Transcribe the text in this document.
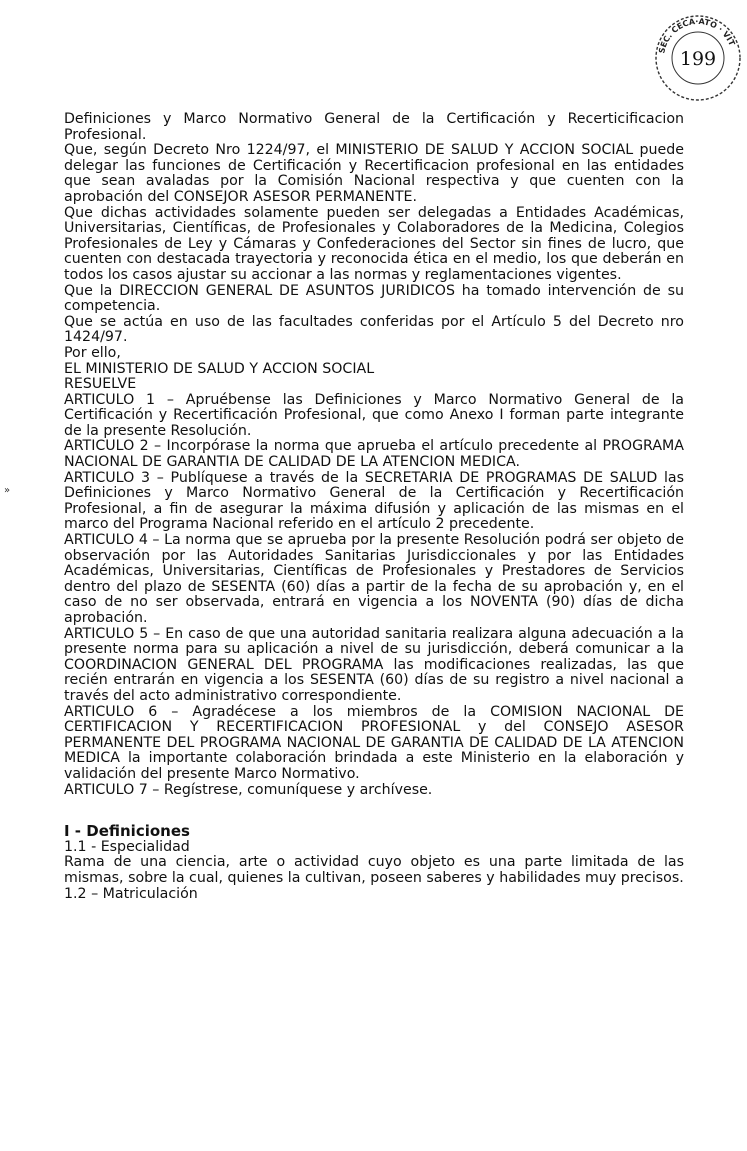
SEC. CECA·ATO · VIT
199
»

Definiciones y Marco Normativo General de la Certificación y Recerticificacion Profesional.

Que, según Decreto Nro 1224/97, el MINISTERIO DE SALUD Y ACCION SOCIAL puede delegar las funciones de Certificación y Recertificacion profesional en las entidades que sean avaladas por la Comisión Nacional respectiva y que cuenten con la aprobación del CONSEJOR ASESOR PERMANENTE.

Que dichas actividades solamente pueden ser delegadas a Entidades Académicas, Universitarias, Científicas, de Profesionales y Colaboradores de la Medicina, Colegios Profesionales de Ley y Cámaras y Confederaciones del Sector sin fines de lucro, que cuenten con destacada trayectoria y reconocida ética en el medio, los que deberán en todos los casos ajustar su accionar a las normas y reglamentaciones vigentes.

Que la DIRECCION GENERAL DE ASUNTOS JURIDICOS ha tomado intervención de su competencia.

Que se actúa en uso de las facultades conferidas por el Artículo 5 del Decreto nro 1424/97.

Por ello,

EL MINISTERIO DE SALUD Y ACCION SOCIAL

RESUELVE

ARTICULO 1 – Apruébense las Definiciones y Marco Normativo General de la Certificación y Recertificación Profesional, que como Anexo I forman parte integrante de la presente Resolución.

ARTICULO 2 – Incorpórase la norma que aprueba el artículo precedente al PROGRAMA NACIONAL DE GARANTIA DE CALIDAD DE LA ATENCION MEDICA.

ARTICULO 3 – Publíquese a través de la SECRETARIA DE PROGRAMAS DE SALUD las Definiciones y Marco Normativo General de la Certificación y Recertificación Profesional, a fin de asegurar la máxima difusión y aplicación de las mismas en el marco del Programa Nacional referido en el artículo 2 precedente.

ARTICULO 4 – La norma que se aprueba por la presente Resolución podrá ser objeto de observación por las Autoridades Sanitarias Jurisdiccionales y por las Entidades Académicas, Universitarias, Científicas de Profesionales y Prestadores de Servicios dentro del plazo de SESENTA (60) días a partir de la fecha de su aprobación y, en el caso de no ser observada, entrará en vigencia a los NOVENTA (90) días de dicha aprobación.

ARTICULO 5 – En caso de que una autoridad sanitaria realizara alguna adecuación a la presente norma para su aplicación a nivel de su jurisdicción, deberá comunicar a la COORDINACION GENERAL DEL PROGRAMA las modificaciones realizadas, las que recién entrarán en vigencia a los SESENTA (60) días de su registro a nivel nacional a través del acto administrativo correspondiente.

ARTICULO 6 – Agradécese a los miembros de la COMISION NACIONAL DE CERTIFICACION Y RECERTIFICACION PROFESIONAL y del CONSEJO ASESOR PERMANENTE DEL PROGRAMA NACIONAL DE GARANTIA DE CALIDAD DE LA ATENCION MEDICA la importante colaboración brindada a este Ministerio en la elaboración y validación del presente Marco Normativo.

ARTICULO 7 – Regístrese, comuníquese y archívese.

I - Definiciones

1.1 - Especialidad

Rama de una ciencia, arte o actividad cuyo objeto es una parte limitada de las mismas, sobre la cual, quienes la cultivan, poseen saberes y habilidades muy precisos.

1.2 – Matriculación
